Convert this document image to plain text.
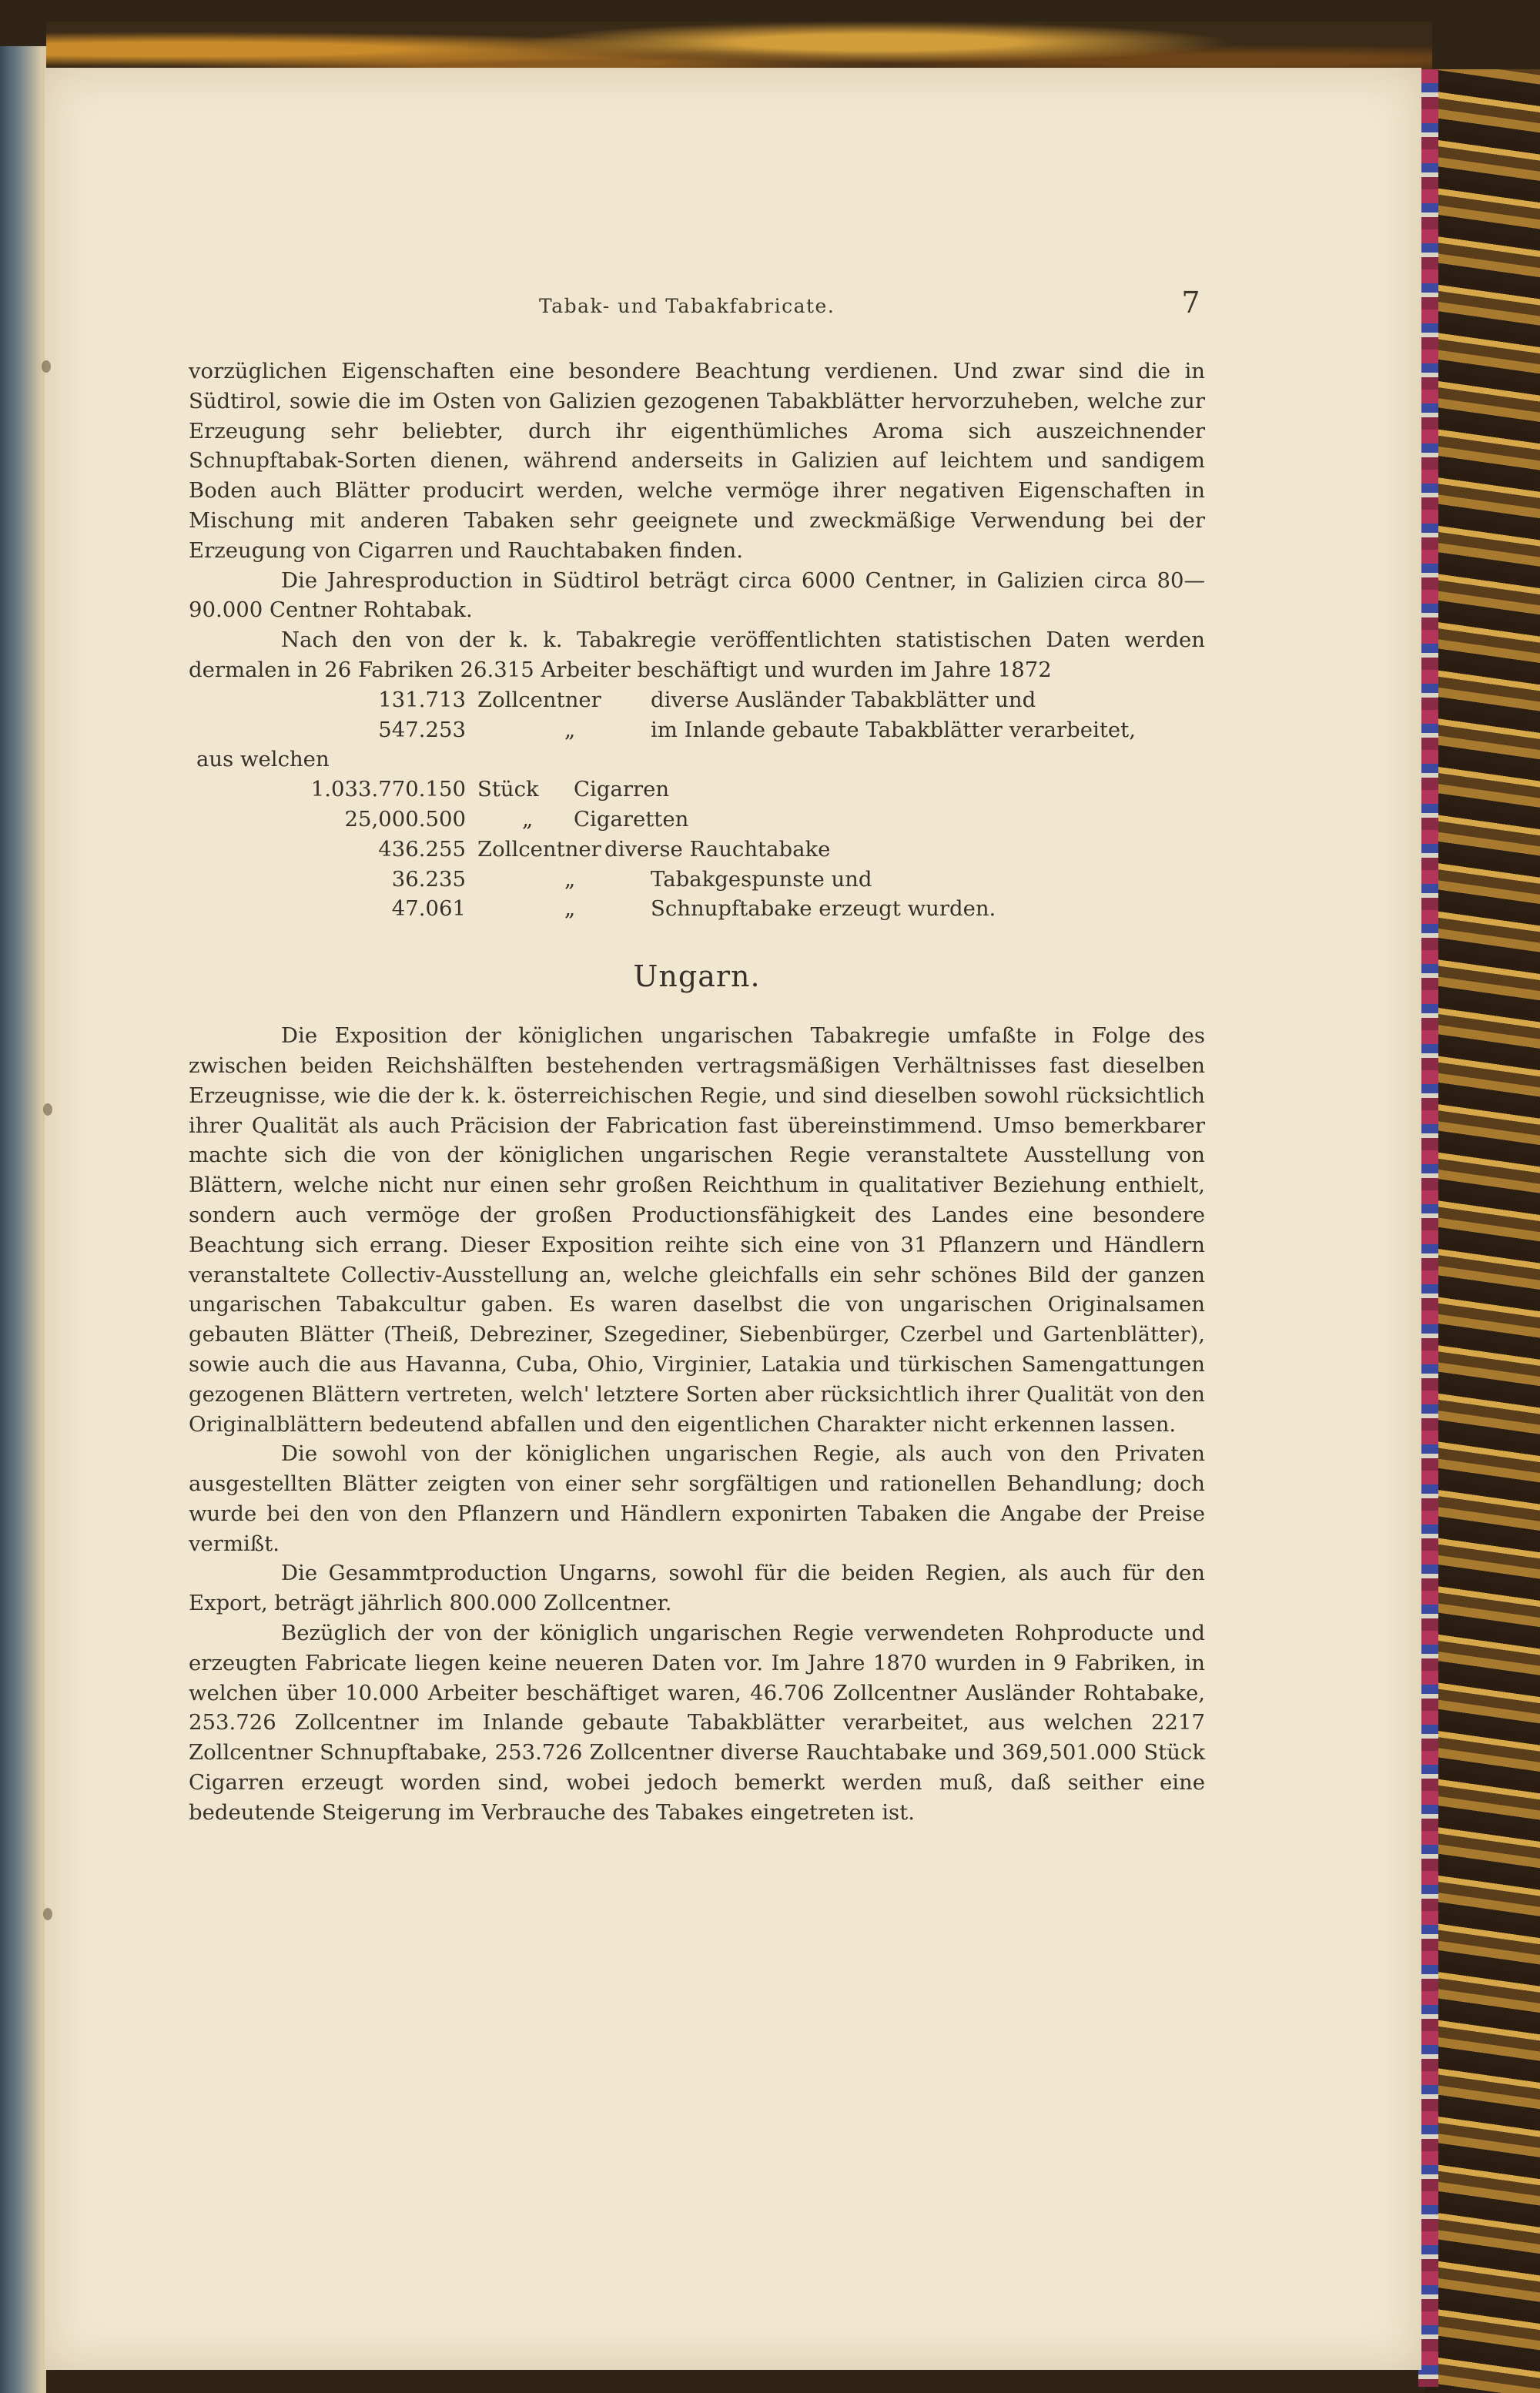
Tabak- und Tabakfabricate.	7

vorzüglichen Eigenschaften eine besondere Beachtung verdienen. Und zwar sind die in Südtirol, sowie die im Osten von Galizien gezogenen Tabakblätter hervorzuheben, welche zur Erzeugung sehr beliebter, durch ihr eigenthümliches Aroma sich auszeichnender Schnupftabak-Sorten dienen, während anderseits in Galizien auf leichtem und sandigem Boden auch Blätter producirt werden, welche vermöge ihrer negativen Eigenschaften in Mischung mit anderen Tabaken sehr geeignete und zweckmäßige Verwendung bei der Erzeugung von Cigarren und Rauchtabaken finden.

Die Jahresproduction in Südtirol beträgt circa 6000 Centner, in Galizien circa 80—90.000 Centner Rohtabak.

Nach den von der k. k. Tabakregie veröffentlichten statistischen Daten werden dermalen in 26 Fabriken 26.315 Arbeiter beschäftigt und wurden im Jahre 1872

131.713 Zollcentner diverse Ausländer Tabakblätter und
547.253	„	im Inlande gebaute Tabakblätter verarbeitet,

aus welchen

1.033.770.150 Stück Cigarren
25,000.500	„ Cigaretten
436.255 Zollcentner diverse Rauchtabake
36.235	„	Tabakgespunste und
47.061	„	Schnupftabake erzeugt wurden.
Ungarn.

Die Exposition der königlichen ungarischen Tabakregie umfaßte in Folge des zwischen beiden Reichshälften bestehenden vertragsmäßigen Verhältnisses fast dieselben Erzeugnisse, wie die der k. k. österreichischen Regie, und sind dieselben sowohl rücksichtlich ihrer Qualität als auch Präcision der Fabrication fast übereinstimmend. Umso bemerkbarer machte sich die von der königlichen ungarischen Regie veranstaltete Ausstellung von Blättern, welche nicht nur einen sehr großen Reichthum in qualitativer Beziehung enthielt, sondern auch vermöge der großen Productionsfähigkeit des Landes eine besondere Beachtung sich errang. Dieser Exposition reihte sich eine von 31 Pflanzern und Händlern veranstaltete Collectiv-Ausstellung an, welche gleichfalls ein sehr schönes Bild der ganzen ungarischen Tabakcultur gaben. Es waren daselbst die von ungarischen Originalsamen gebauten Blätter (Theiß, Debreziner, Szegediner, Siebenbürger, Czerbel und Gartenblätter), sowie auch die aus Havanna, Cuba, Ohio, Virginier, Latakia und türkischen Samengattungen gezogenen Blättern vertreten, welch' letztere Sorten aber rücksichtlich ihrer Qualität von den Originalblättern bedeutend abfallen und den eigentlichen Charakter nicht erkennen lassen.

Die sowohl von der königlichen ungarischen Regie, als auch von den Privaten ausgestellten Blätter zeigten von einer sehr sorgfältigen und rationellen Behandlung; doch wurde bei den von den Pflanzern und Händlern exponirten Tabaken die Angabe der Preise vermißt.

Die Gesammtproduction Ungarns, sowohl für die beiden Regien, als auch für den Export, beträgt jährlich 800.000 Zollcentner.

Bezüglich der von der königlich ungarischen Regie verwendeten Rohproducte und erzeugten Fabricate liegen keine neueren Daten vor. Im Jahre 1870 wurden in 9 Fabriken, in welchen über 10.000 Arbeiter beschäftiget waren, 46.706 Zollcentner Ausländer Rohtabake, 253.726 Zollcentner im Inlande gebaute Tabakblätter verarbeitet, aus welchen 2217 Zollcentner Schnupftabake, 253.726 Zollcentner diverse Rauchtabake und 369,501.000 Stück Cigarren erzeugt worden sind, wobei jedoch bemerkt werden muß, daß seither eine bedeutende Steigerung im Verbrauche des Tabakes eingetreten ist.
